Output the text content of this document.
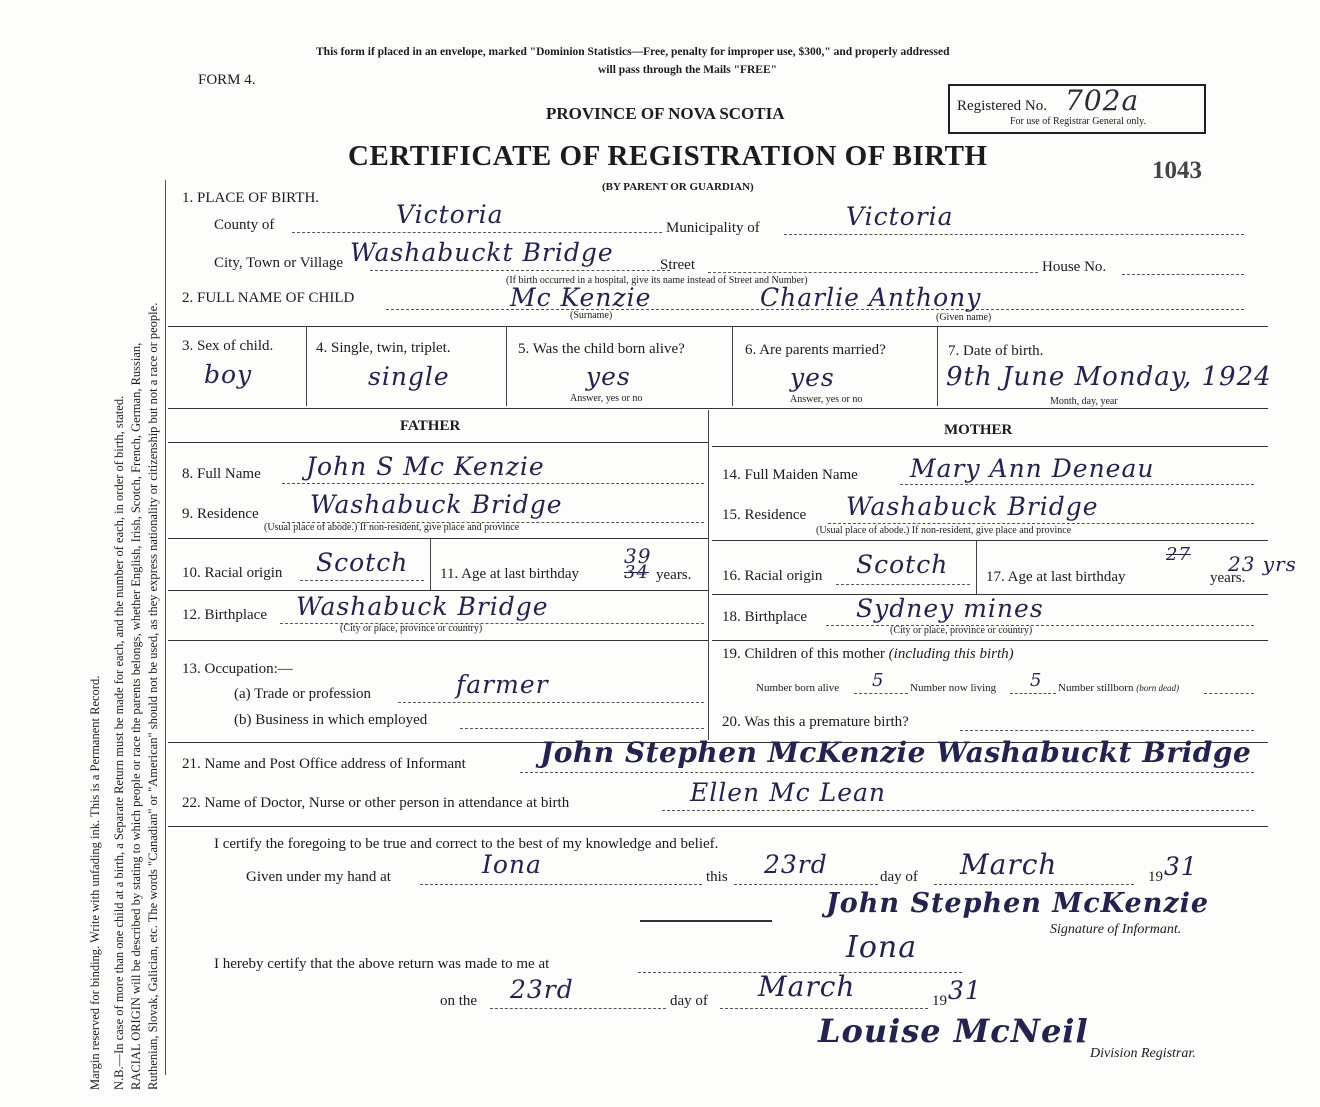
Margin reserved for binding. Write with unfading ink. This is a Permanent Record. N.B.—In case of more than one child at a birth, a Separate Return must be made for each, and the number of each, in order of birth, stated. RACIAL ORIGIN will be described by stating to which people or race the parents belongs, whether English, Irish, Scotch, French, German, Russian, Ruthenian, Slovak, Galician, etc. The words "Canadian" or "American" should not be used, as they express nationality or citizenship but not a race or people.
This form if placed in an envelope, marked "Dominion Statistics—Free, penalty for improper use, $300," and properly addressed
will pass through the Mails "FREE"
FORM 4.
PROVINCE OF NOVA SCOTIA
CERTIFICATE OF REGISTRATION OF BIRTH
(BY PARENT OR GUARDIAN)
1043
Registered No. 702a
For use of Registrar General only.
1. PLACE OF BIRTH.
County of	Victoria	Municipality of	Victoria
City, Town or Village Washabuckt Bridge	Street	House No.
(If birth occurred in a hospital, give its name instead of Street and Number)
2. FULL NAME OF CHILD	Mc Kenzie	Charlie Anthony
(Surname)	(Given name)
3. Sex of child.
boy
4. Single, twin, triplet.
single
5. Was the child born alive?
yes
Answer, yes or no
6. Are parents married?
yes
Answer, yes or no
7. Date of birth.
9th June Monday, 1924
Month, day, year
FATHER	MOTHER
8. Full Name John S Mc Kenzie
9. Residence Washabuck Bridge
(Usual place of abode.) If non-resident, give place and province
10. Racial origin Scotch 11. Age at last birthday
39
34 years.
12. Birthplace Washabuck Bridge
(City or place, province or country)
13. Occupation:—
(a) Trade or profession	farmer
(b) Business in which employed
14. Full Maiden Name Mary Ann Deneau
15. Residence Washabuck Bridge
(Usual place of abode.) If non-resident, give place and province
16. Racial origin Scotch	17. Age at last birthday
27 23 yrs
years.
18. Birthplace Sydney mines
(City or place, province or country)
19. Children of this mother (including this birth)
Number born alive 5 Number now living 5 Number stillborn (born dead)
20. Was this a premature birth?
21. Name and Post Office address of Informant	John Stephen McKenzie Washabuckt Bridge
22. Name of Doctor, Nurse or other person in attendance at birth	Ellen Mc Lean
I certify the foregoing to be true and correct to the best of my knowledge and belief.
Given under my hand at	Iona	this 23rd	day of March	19 31
John Stephen McKenzie
Iona
Signature of Informant.
I hereby certify that the above return was made to me at
on the 23rd	day of March	19 31
Louise McNeil
Division Registrar.
